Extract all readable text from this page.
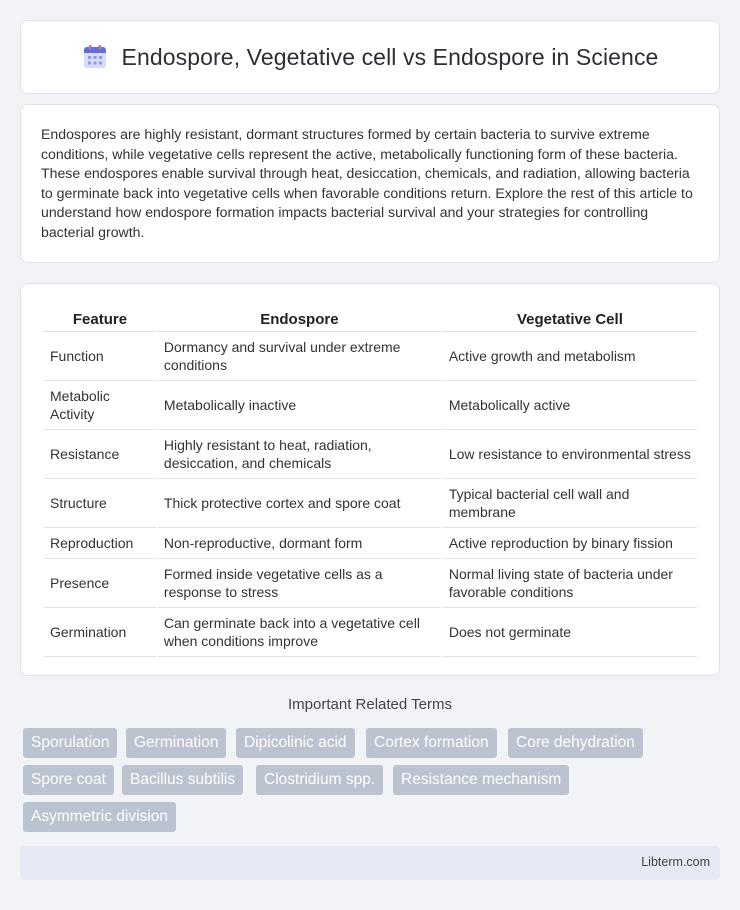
Endospore, Vegetative cell vs Endospore in Science

Endospores are highly resistant, dormant structures formed by certain bacteria to survive extreme conditions, while vegetative cells represent the active, metabolically functioning form of these bacteria. These endospores enable survival through heat, desiccation, chemicals, and radiation, allowing bacteria to germinate back into vegetative cells when favorable conditions return. Explore the rest of this article to understand how endospore formation impacts bacterial survival and your strategies for controlling bacterial growth.

Feature	Endospore	Vegetative Cell
Function	Dormancy and survival under extreme conditions	Active growth and metabolism
Metabolic Activity	Metabolically inactive	Metabolically active
Resistance	Highly resistant to heat, radiation, desiccation, and chemicals	Low resistance to environmental stress
Structure	Thick protective cortex and spore coat	Typical bacterial cell wall and membrane
Reproduction	Non-reproductive, dormant form	Active reproduction by binary fission
Presence	Formed inside vegetative cells as a response to stress	Normal living state of bacteria under favorable conditions
Germination	Can germinate back into a vegetative cell when conditions improve	Does not germinate
Important Related Terms
Sporulation	Germination	Dipicolinic acid	Cortex formation	Core dehydration
Spore coat	Bacillus subtilis	Clostridium spp.	Resistance mechanism
Asymmetric division
Libterm.com
